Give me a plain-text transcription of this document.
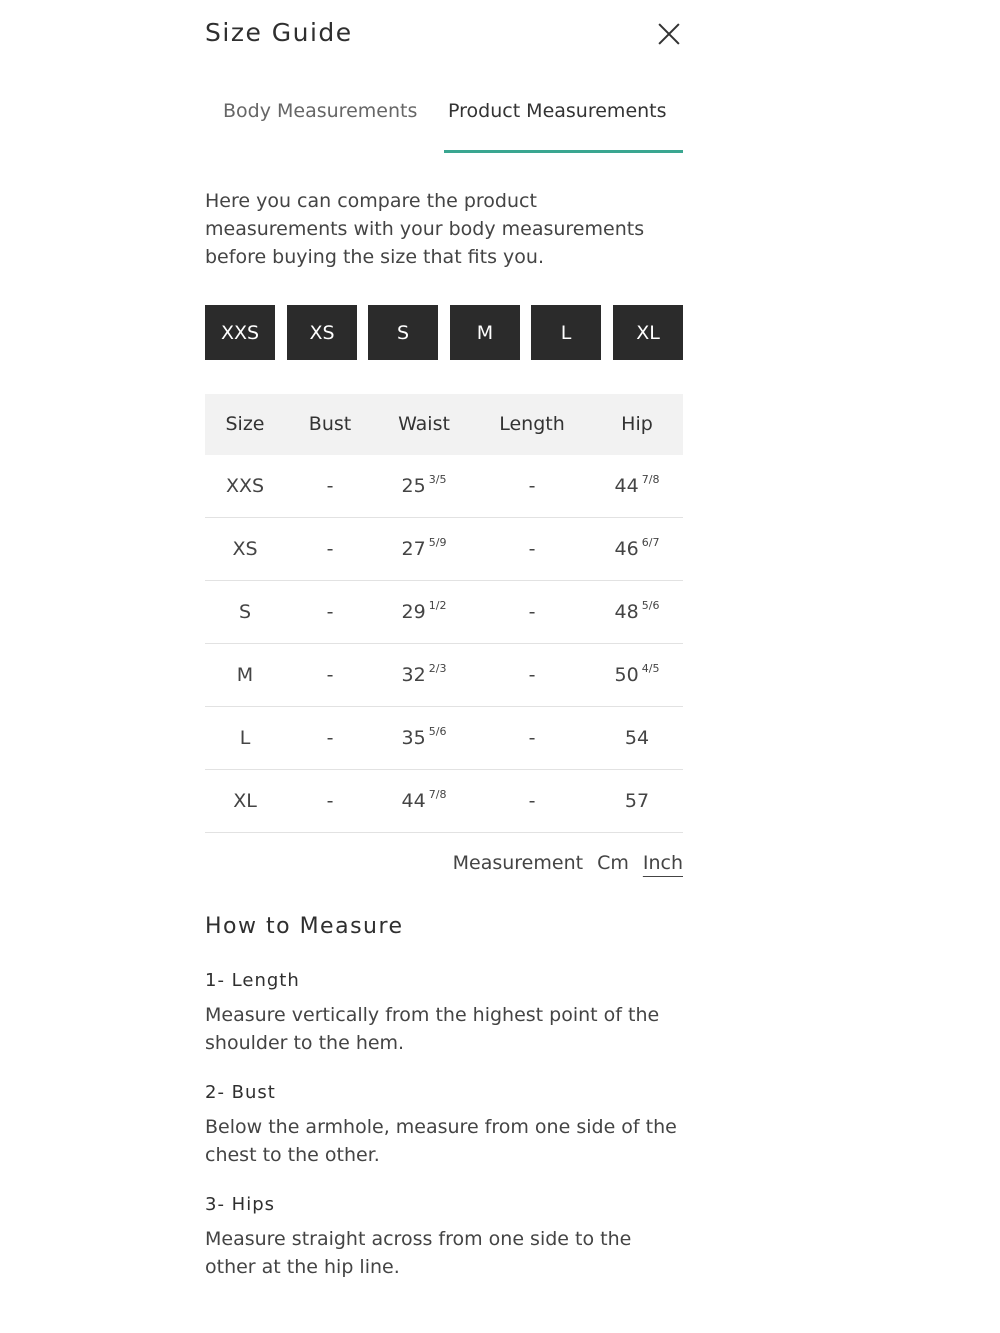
Size Guide
Body Measurements Product Measurements
Here you can compare the product measurements with your body measurements before buying the size that fits you.
XXS	XS	S	M	L	XL
Size Bust Waist	Length	Hip
XXS	-	25 $^{3/5}$	-	44 $^{7/8}$
XS	-	27 $^{5/9}$	-	46 $^{6/7}$
S	-	29 $^{1/2}$	-	48 $^{5/6}$
M	-	32 $^{2/3}$	-	50 $^{4/5}$
L	-	35 $^{5/6}$	-	54
XL	-	44 $^{7/8}$	-	57
Measurement Cm Inch
How to Measure
1- Length
Measure vertically from the highest point of the shoulder to the hem.
2- Bust
Below the armhole, measure from one side of the chest to the other.
3- Hips
Measure straight across from one side to the other at the hip line.
